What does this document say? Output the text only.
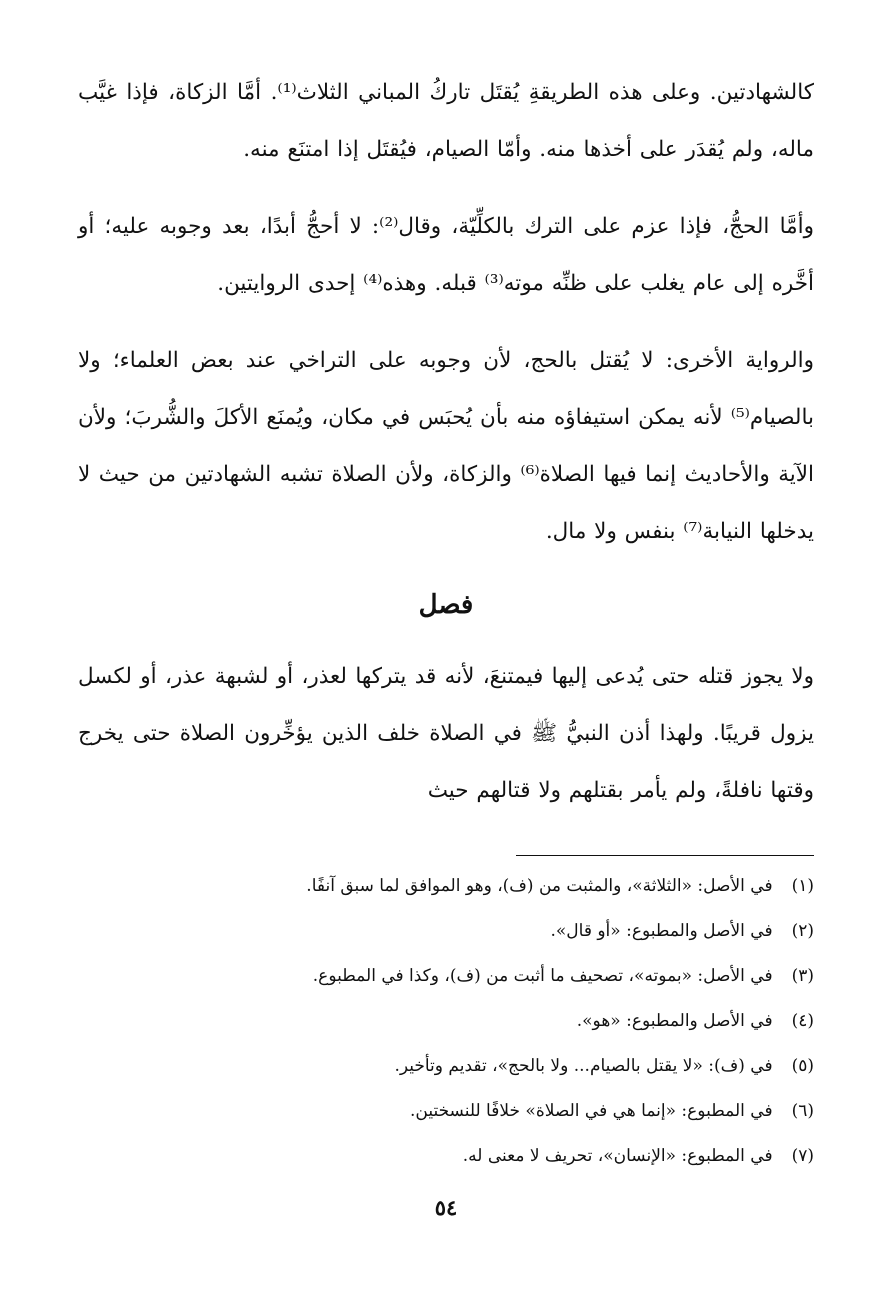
كالشهادتين. وعلى هذه الطريقةِ يُقتَل تاركُ المباني الثلاث⁽¹⁾. أمَّا الزكاة، فإذا غيَّب ماله، ولم يُقدَر على أخذها منه. وأمّا الصيام، فيُقتَل إذا امتنَع منه.

وأمَّا الحجُّ، فإذا عزم على الترك بالكلِّيّة، وقال⁽²⁾: لا أحجُّ أبدًا، بعد وجوبه عليه؛ أو أخَّره إلى عام يغلب على ظنِّه موته⁽³⁾ قبله. وهذه⁽⁴⁾ إحدى الروايتين.

والرواية الأخرى: لا يُقتل بالحج، لأن وجوبه على التراخي عند بعض العلماء؛ ولا بالصيام⁽⁵⁾ لأنه يمكن استيفاؤه منه بأن يُحبَس في مكان، ويُمنَع الأكلَ والشُّربَ؛ ولأن الآية والأحاديث إنما فيها الصلاة⁽⁶⁾ والزكاة، ولأن الصلاة تشبه الشهادتين من حيث لا يدخلها النيابة⁽⁷⁾ بنفس ولا مال.

فصل

ولا يجوز قتله حتى يُدعى إليها فيمتنعَ، لأنه قد يتركها لعذر، أو لشبهة عذر، أو لكسل يزول قريبًا. ولهذا أذن النبيُّ ﷺ في الصلاة خلف الذين يؤخِّرون الصلاة حتى يخرج وقتها نافلةً، ولم يأمر بقتلهم ولا قتالهم حيث

(١) في الأصل: «الثلاثة»، والمثبت من (ف)، وهو الموافق لما سبق آنفًا.
(٢) في الأصل والمطبوع: «أو قال».
(٣) في الأصل: «بموته»، تصحيف ما أثبت من (ف)، وكذا في المطبوع.
(٤) في الأصل والمطبوع: «هو».
(٥) في (ف): «لا يقتل بالصيام... ولا بالحج»، تقديم وتأخير.
(٦) في المطبوع: «إنما هي في الصلاة» خلافًا للنسختين.
(٧) في المطبوع: «الإنسان»، تحريف لا معنى له.
٥٤
